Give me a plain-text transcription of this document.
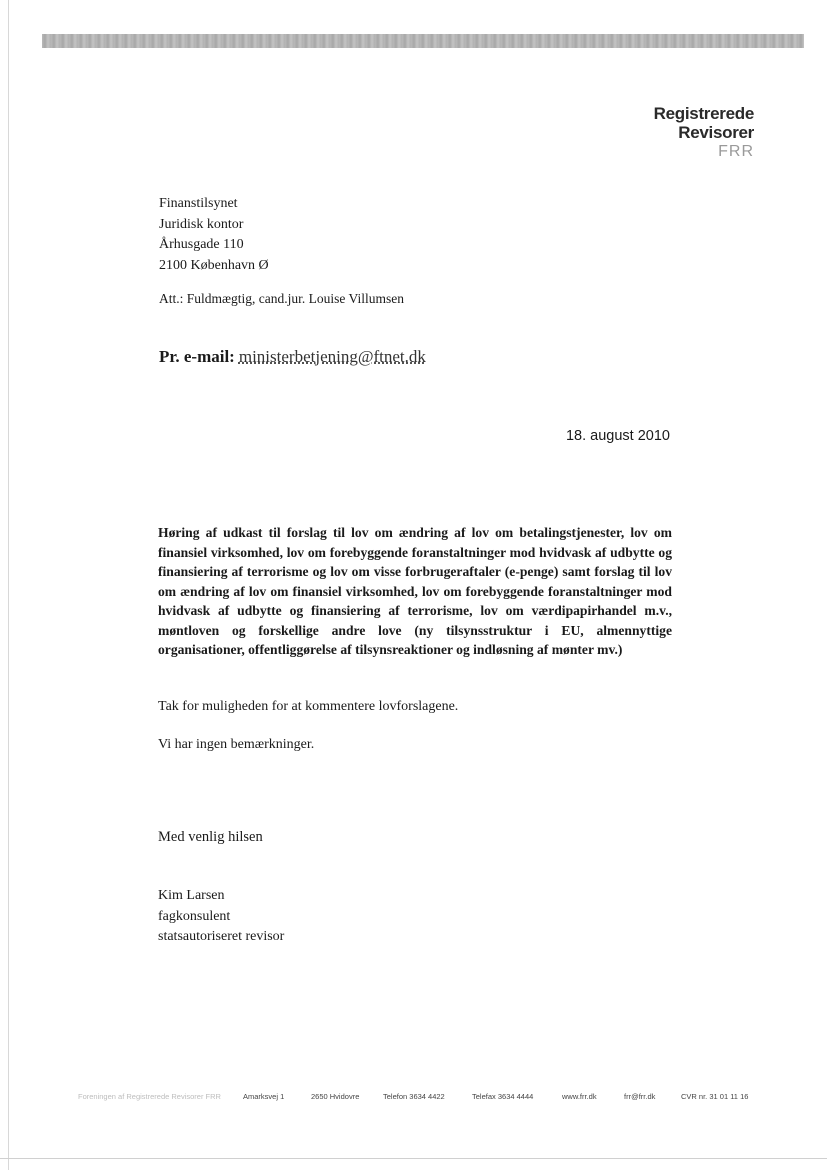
Registrerede
Revisorer
FRR
Finanstilsynet
Juridisk kontor
Århusgade 110
2100 København Ø
Att.: Fuldmægtig, cand.jur. Louise Villumsen
Pr. e-mail: ministerbetjening@ftnet.dk
18. august 2010
Høring af udkast til forslag til lov om ændring af lov om betalingstjenester, lov om finansiel virksomhed, lov om forebyggende foranstaltninger mod hvidvask af udbytte og finansiering af terrorisme og lov om visse forbrugeraftaler (e-penge) samt forslag til lov om ændring af lov om finansiel virksomhed, lov om forebyggende foranstaltninger mod hvidvask af udbytte og finansiering af terrorisme, lov om værdipapirhandel m.v., møntloven og forskellige andre love (ny tilsynsstruktur i EU, almennyttige organisationer, offentliggørelse af tilsynsreaktioner og indløsning af mønter mv.)
Tak for muligheden for at kommentere lovforslagene.
Vi har ingen bemærkninger.
Med venlig hilsen
Kim Larsen
fagkonsulent
statsautoriseret revisor
Foreningen af Registrerede Revisorer FRR	Amarksvej 1	2650 Hvidovre	Telefon 3634 4422	Telefax 3634 4444	www.frr.dk	frr@frr.dk	CVR nr. 31 01 11 16
